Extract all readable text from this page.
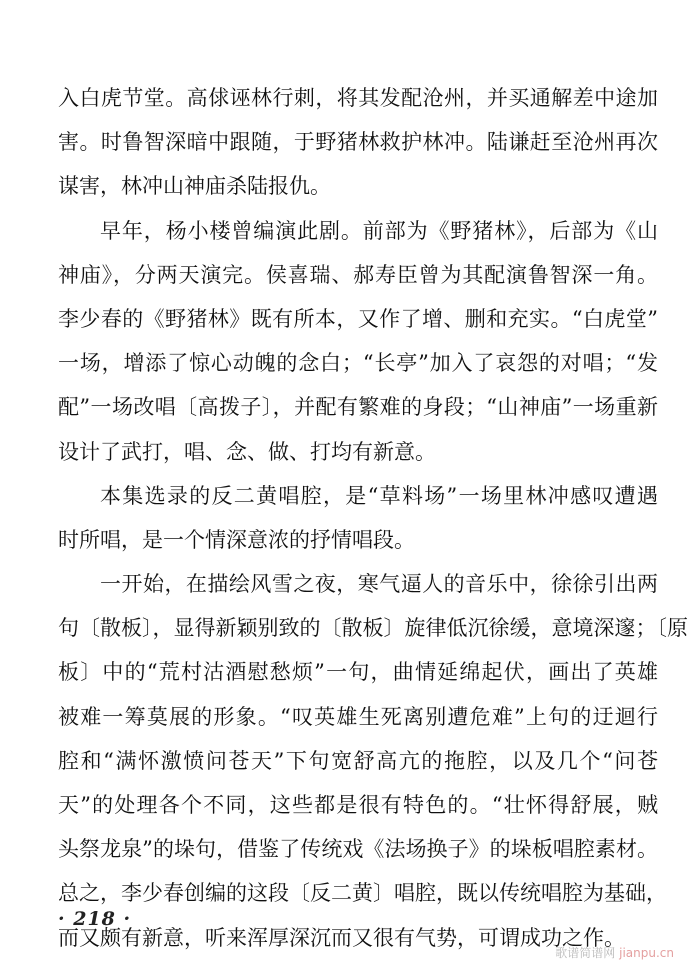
入白虎节堂。高俅诬林行刺，将其发配沧州，并买通解差中途加
害。时鲁智深暗中跟随，于野猪林救护林冲。陆谦赶至沧州再次
谋害，林冲山神庙杀陆报仇。
早年，杨小楼曾编演此剧。前部为《野猪林》，后部为《山
神庙》，分两天演完。侯喜瑞、郝寿臣曾为其配演鲁智深一角。
李少春的《野猪林》既有所本，又作了增、删和充实。“白虎堂”
一场，增添了惊心动魄的念白；“长亭”加入了哀怨的对唱；“发
配”一场改唱〔高拨子〕，并配有繁难的身段；“山神庙”一场重新
设计了武打，唱、念、做、打均有新意。
本集选录的反二黄唱腔，是“草料场”一场里林冲感叹遭遇
时所唱，是一个情深意浓的抒情唱段。
一开始，在描绘风雪之夜，寒气逼人的音乐中，徐徐引出两
句〔散板〕，显得新颖别致的〔散板〕旋律低沉徐缓，意境深邃；〔原
板〕中的“荒村沽酒慰愁烦”一句，曲情延绵起伏，画出了英雄
被难一筹莫展的形象。“叹英雄生死离别遭危难”上句的迂迴行
腔和“满怀激愤问苍天”下句宽舒高亢的拖腔，以及几个“问苍
天”的处理各个不同，这些都是很有特色的。“壮怀得舒展，贼
头祭龙泉”的垛句，借鉴了传统戏《法场换子》的垛板唱腔素材。
总之，李少春创编的这段〔反二黄〕唱腔，既以传统唱腔为基础，
而又颇有新意，听来浑厚深沉而又很有气势，可谓成功之作。
· 218 ·
歌谱简谱网 jianpu.cn
